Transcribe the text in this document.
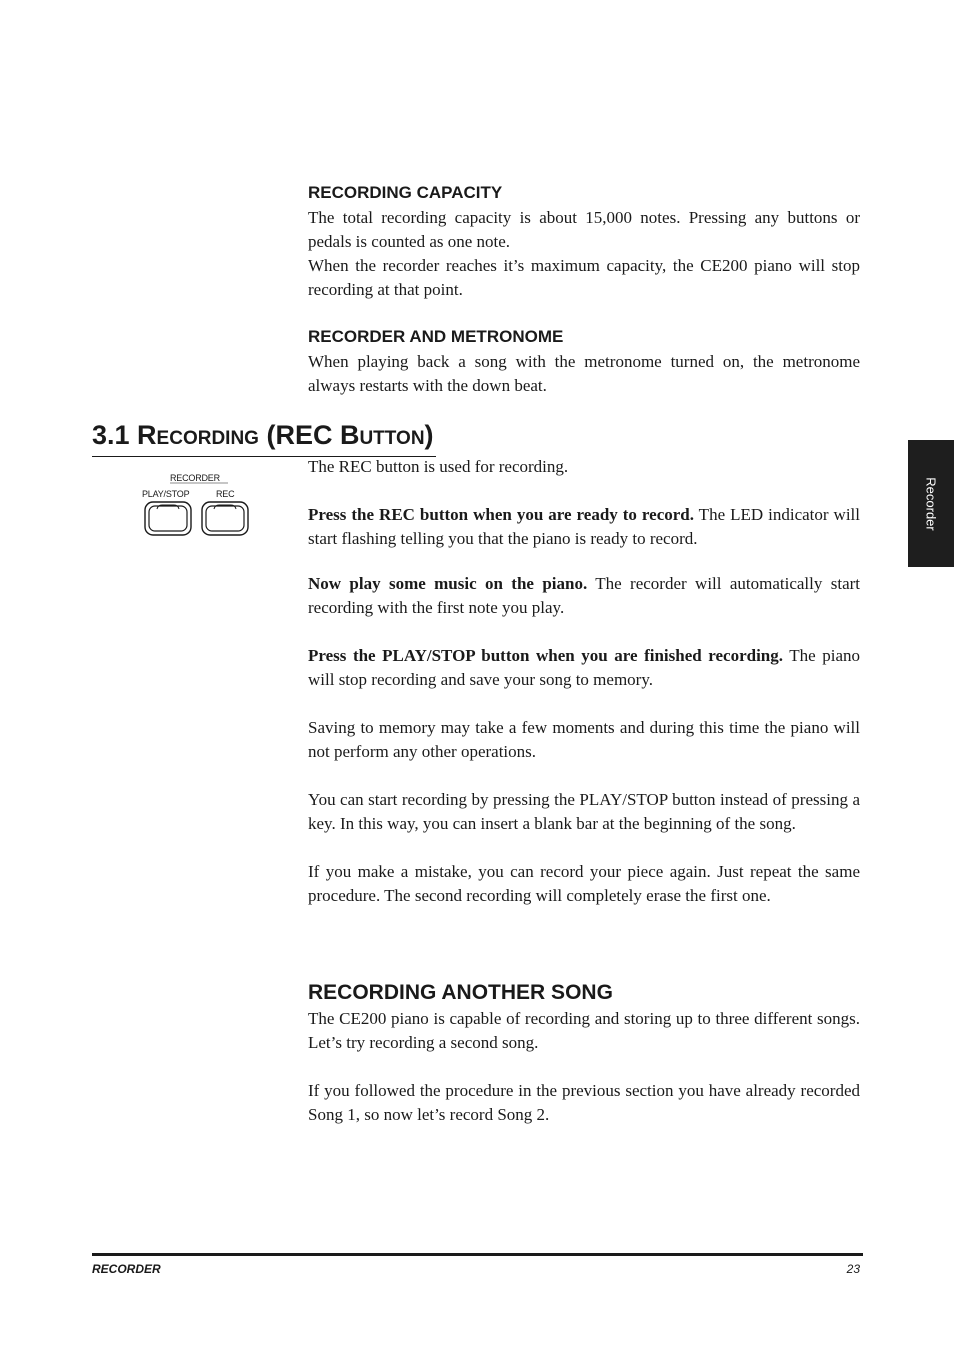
RECORDING CAPACITY

The total recording capacity is about 15,000 notes. Pressing any buttons or pedals is counted as one note.

When the recorder reaches it’s maximum capacity, the CE200 piano will stop recording at that point.

RECORDER AND METRONOME

When playing back a song with the metronome turned on, the metronome always restarts with the down beat.

3.1 RECORDING (REC BUTTON)
RECORDER
PLAY/STOP	REC

The REC button is used for recording.

Press the REC button when you are ready to record. The LED indicator will start flashing telling you that the piano is ready to record.

Now play some music on the piano. The recorder will automatically start recording with the first note you play.

Press the PLAY/STOP button when you are finished recording. The piano will stop recording and save your song to memory.

Saving to memory may take a few moments and during this time the piano will not perform any other operations.

You can start recording by pressing the PLAY/STOP button instead of pressing a key. In this way, you can insert a blank bar at the beginning of the song.

If you make a mistake, you can record your piece again. Just repeat the same procedure. The second recording will completely erase the first one.

RECORDING ANOTHER SONG

The CE200 piano is capable of recording and storing up to three different songs. Let’s try recording a second song.

If you followed the procedure in the previous section you have already recorded Song 1, so now let’s record Song 2.

Recorder
RECORDER	23
